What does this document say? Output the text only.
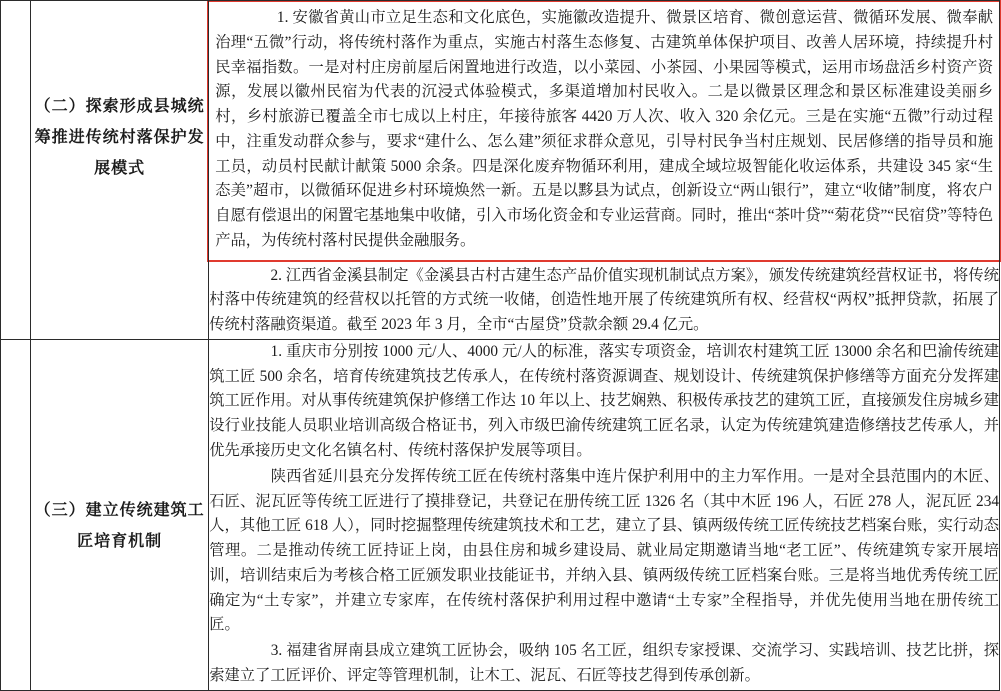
	（二）探索形成县城统筹推进传统村落保护发展模式	　　1. 安徽省黄山市立足生态和文化底色，实施徽改造提升、微景区培育、微创意运营、微循环发展、微奉献治理“五微”行动，将传统村落作为重点，实施古村落生态修复、古建筑单体保护项目、改善人居环境，持续提升村民幸福指数。一是对村庄房前屋后闲置地进行改造，以小菜园、小茶园、小果园等模式，运用市场盘活乡村资产资源，发展以徽州民宿为代表的沉浸式体验模式，多渠道增加村民收入。二是以微景区理念和景区标准建设美丽乡村，乡村旅游已覆盖全市七成以上村庄，年接待旅客 4420 万人次、收入 320 余亿元。三是在实施“五微”行动过程中，注重发动群众参与，要求“建什么、怎么建”须征求群众意见，引导村民争当村庄规划、民居修缮的指导员和施工员，动员村民献计献策 5000 余条。四是深化废弃物循环利用，建成全域垃圾智能化收运体系，共建设 345 家“生态美”超市，以微循环促进乡村环境焕然一新。五是以黟县为试点，创新设立“两山银行”，建立“收储”制度，将农户自愿有偿退出的闲置宅基地集中收储，引入市场化资金和专业运营商。同时，推出“茶叶贷”“菊花贷”“民宿贷”等特色产品，为传统村落村民提供金融服务。

　　2. 江西省金溪县制定《金溪县古村古建生态产品价值实现机制试点方案》，颁发传统建筑经营权证书，将传统村落中传统建筑的经营权以托管的方式统一收储，创造性地开展了传统建筑所有权、经营权“两权”抵押贷款，拓展了传统村落融资渠道。截至 2023 年 3 月，全市“古屋贷”贷款余额 29.4 亿元。

	（三）建立传统建筑工匠培育机制	　　1. 重庆市分别按 1000 元/人、4000 元/人的标准，落实专项资金，培训农村建筑工匠 13000 余名和巴渝传统建筑工匠 500 余名，培育传统建筑技艺传承人，在传统村落资源调查、规划设计、传统建筑保护修缮等方面充分发挥建筑工匠作用。对从事传统建筑保护修缮工作达 10 年以上、技艺娴熟、积极传承技艺的建筑工匠，直接颁发住房城乡建设行业技能人员职业培训高级合格证书，列入市级巴渝传统建筑工匠名录，认定为传统建筑建造修缮技艺传承人，并优先承接历史文化名镇名村、传统村落保护发展等项目。

　　陕西省延川县充分发挥传统工匠在传统村落集中连片保护利用中的主力军作用。一是对全县范围内的木匠、石匠、泥瓦匠等传统工匠进行了摸排登记，共登记在册传统工匠 1326 名（其中木匠 196 人，石匠 278 人，泥瓦匠 234 人，其他工匠 618 人），同时挖掘整理传统建筑技术和工艺，建立了县、镇两级传统工匠传统技艺档案台账，实行动态管理。二是推动传统工匠持证上岗，由县住房和城乡建设局、就业局定期邀请当地“老工匠”、传统建筑专家开展培训，培训结束后为考核合格工匠颁发职业技能证书，并纳入县、镇两级传统工匠档案台账。三是将当地优秀传统工匠确定为“土专家”，并建立专家库，在传统村落保护利用过程中邀请“土专家”全程指导，并优先使用当地在册传统工匠。

　　3. 福建省屏南县成立建筑工匠协会，吸纳 105 名工匠，组织专家授课、交流学习、实践培训、技艺比拼，探索建立了工匠评价、评定等管理机制，让木工、泥瓦、石匠等技艺得到传承创新。
